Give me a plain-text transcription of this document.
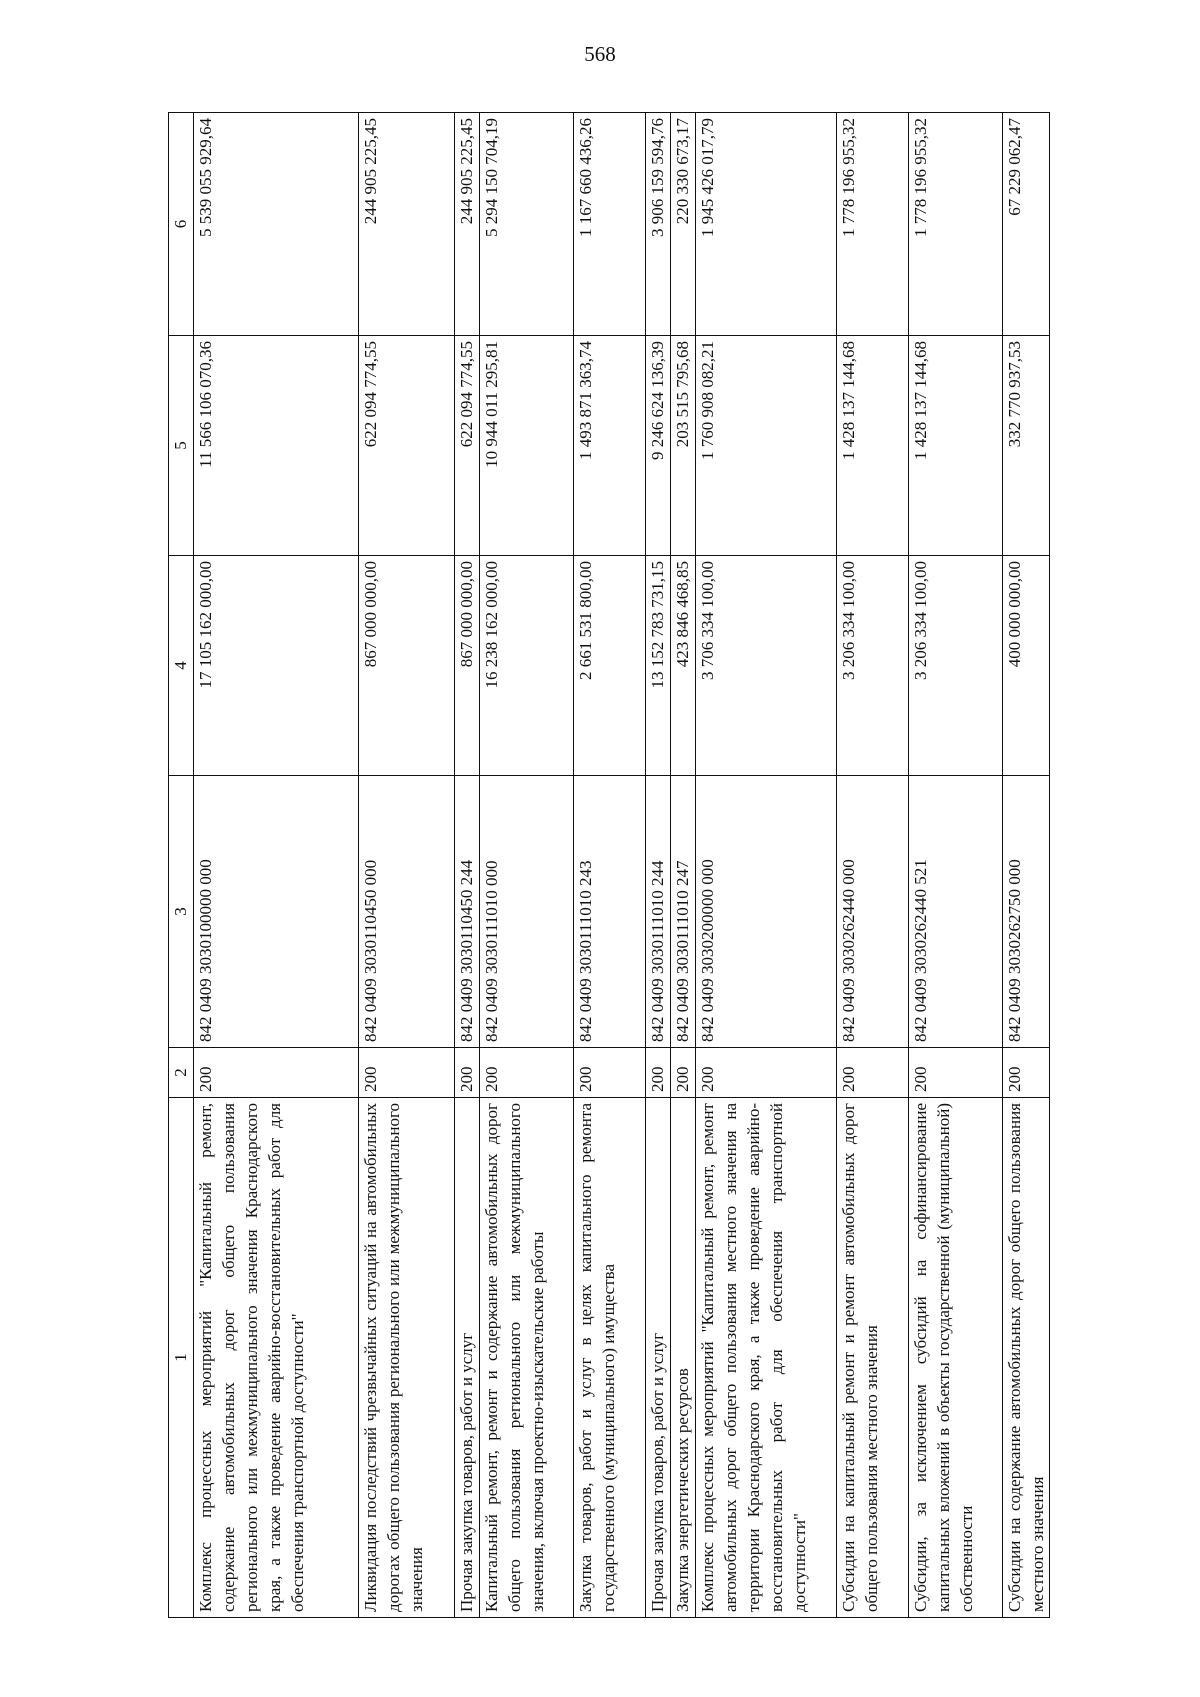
568
1	2	3	4	5	6
Комплекс процессных мероприятий "Капитальный ремонт, содержание автомобильных дорог общего пользования регионального или межмуниципального значения Краснодарского края, а также проведение аварийно-восстановительных работ для обеспечения транспортной доступности"	200	842 0409 3030100000 000	17 105 162 000,00	11 566 106 070,36	5 539 055 929,64
Ликвидация последствий чрезвычайных ситуаций на автомобильных дорогах общего пользования регионального или межмуниципального значения	200	842 0409 3030110450 000	867 000 000,00	622 094 774,55	244 905 225,45
Прочая закупка товаров, работ и услуг	200	842 0409 3030110450 244	867 000 000,00	622 094 774,55	244 905 225,45
Капитальный ремонт, ремонт и содержание автомобильных дорог общего пользования регионального или межмуниципального значения, включая проектно-изыскательские работы	200	842 0409 3030111010 000	16 238 162 000,00	10 944 011 295,81	5 294 150 704,19
Закупка товаров, работ и услуг в целях капитального ремонта государственного (муниципального) имущества	200	842 0409 3030111010 243	2 661 531 800,00	1 493 871 363,74	1 167 660 436,26
Прочая закупка товаров, работ и услуг	200	842 0409 3030111010 244	13 152 783 731,15	9 246 624 136,39	3 906 159 594,76
Закупка энергетических ресурсов	200	842 0409 3030111010 247	423 846 468,85	203 515 795,68	220 330 673,17
Комплекс процессных мероприятий "Капитальный ремонт, ремонт автомобильных дорог общего пользования местного значения на территории Краснодарского края, а также проведение аварийно-восстановительных работ для обеспечения транспортной доступности"	200	842 0409 3030200000 000	3 706 334 100,00	1 760 908 082,21	1 945 426 017,79
Субсидии на капитальный ремонт и ремонт автомобильных дорог общего пользования местного значения	200	842 0409 3030262440 000	3 206 334 100,00	1 428 137 144,68	1 778 196 955,32
Субсидии, за исключением субсидий на софинансирование капитальных вложений в объекты государственной (муниципальной) собственности	200	842 0409 3030262440 521	3 206 334 100,00	1 428 137 144,68	1 778 196 955,32
Субсидии на содержание автомобильных дорог общего пользования местного значения	200	842 0409 3030262750 000	400 000 000,00	332 770 937,53	67 229 062,47
